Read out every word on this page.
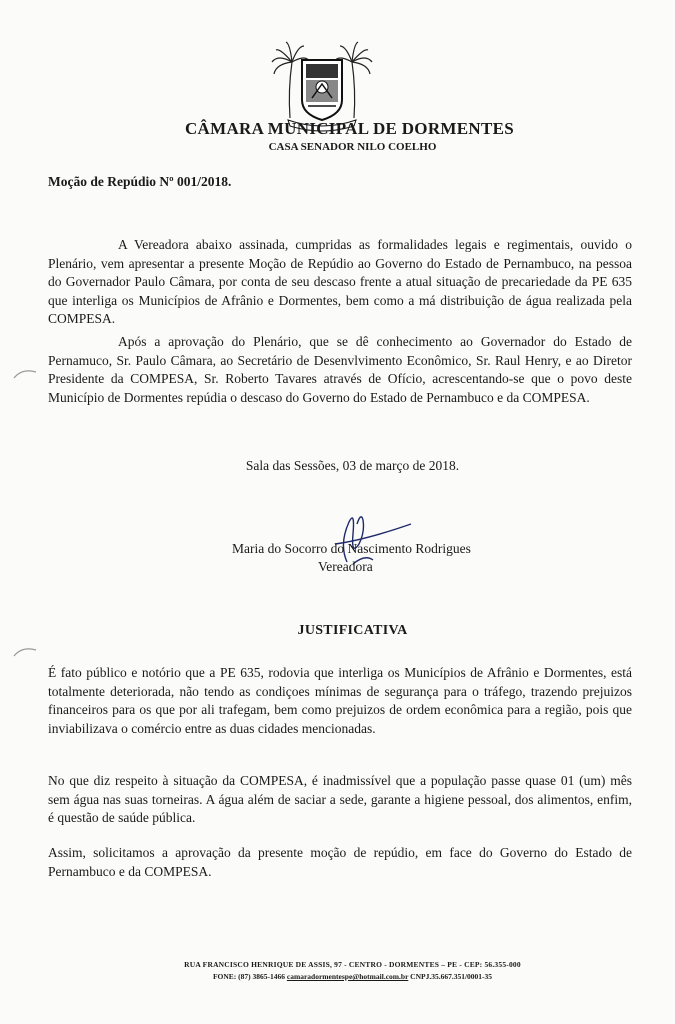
CÂMARA MUNICIPAL DE DORMENTES
CASA SENADOR NILO COELHO
Moção de Repúdio Nº 001/2018.

A Vereadora abaixo assinada, cumpridas as formalidades legais e regimentais, ouvido o Plenário, vem apresentar a presente Moção de Repúdio ao Governo do Estado de Pernambuco, na pessoa do Governador Paulo Câmara, por conta de seu descaso frente a atual situação de precariedade da PE 635 que interliga os Municípios de Afrânio e Dormentes, bem como a má distribuição de água realizada pela COMPESA.

Após a aprovação do Plenário, que se dê conhecimento ao Governador do Estado de Pernamuco, Sr. Paulo Câmara, ao Secretário de Desenvlvimento Econômico, Sr. Raul Henry, e ao Diretor Presidente da COMPESA, Sr. Roberto Tavares através de Ofício, acrescentando-se que o povo deste Município de Dormentes repúdia o descaso do Governo do Estado de Pernambuco e da COMPESA.

Sala das Sessões, 03 de março de 2018.
Maria do Socorro do Nascimento Rodrigues
Vereadora
JUSTIFICATIVA

É fato público e notório que a PE 635, rodovia que interliga os Municípios de Afrânio e Dormentes, está totalmente deteriorada, não tendo as condiçoes mínimas de segurança para o tráfego, trazendo prejuizos financeiros para os que por ali trafegam, bem como prejuizos de ordem econômica para a região, pois que inviabilizava o comércio entre as duas cidades mencionadas.

No que diz respeito à situação da COMPESA, é inadmissível que a população passe quase 01 (um) mês sem água nas suas torneiras. A água além de saciar a sede, garante a higiene pessoal, dos alimentos, enfim, é questão de saúde pública.

Assim, solicitamos a aprovação da presente moção de repúdio, em face do Governo do Estado de Pernambuco e da COMPESA.

RUA FRANCISCO HENRIQUE DE ASSIS, 97 - CENTRO - DORMENTES – PE - CEP: 56.355-000
FONE: (87) 3865-1466 camaradormentespe@hotmail.com.br CNPJ.35.667.351/0001-35
